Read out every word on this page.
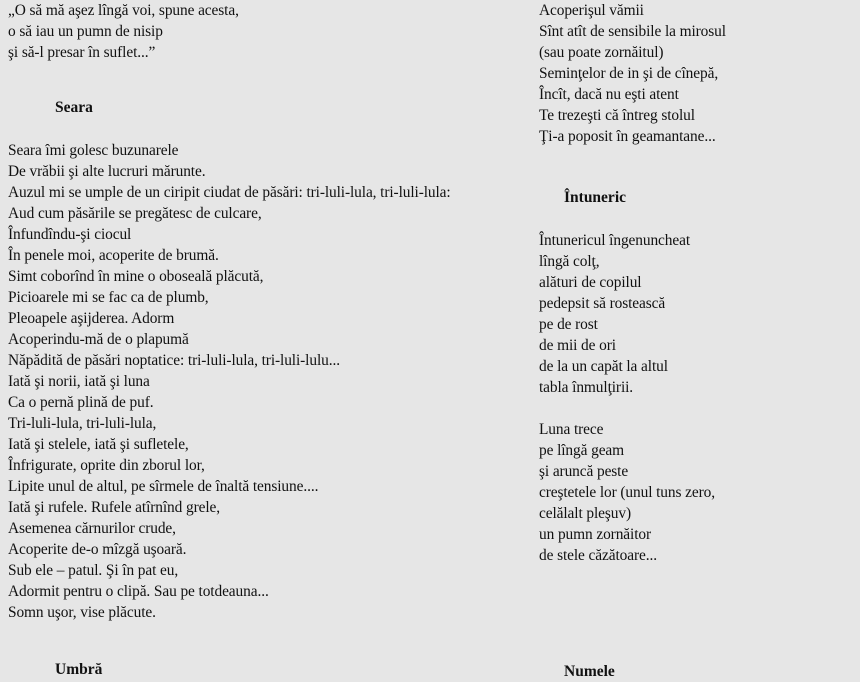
„O să mă aşez lîngă voi, spune acesta,
o să iau un pumn de nisip
şi să-l presar în suflet...”
Seara
Seara îmi golesc buzunarele
De vrăbii şi alte lucruri mărunte.
Auzul mi se umple de un ciripit ciudat de păsări: tri-luli-lula, tri-luli-lula:
Aud cum păsările se pregătesc de culcare,
Înfundîndu-şi ciocul
În penele moi, acoperite de brumă.
Simt coborînd în mine o oboseală plăcută,
Picioarele mi se fac ca de plumb,
Pleoapele aşijderea. Adorm
Acoperindu-mă de o plapumă
Năpădită de păsări noptatice: tri-luli-lula, tri-luli-lulu...
Iată şi norii, iată şi luna
Ca o pernă plină de puf.
Tri-luli-lula, tri-luli-lula,
Iată şi stelele, iată şi sufletele,
Înfrigurate, oprite din zborul lor,
Lipite unul de altul, pe sîrmele de înaltă tensiune....
Iată şi rufele. Rufele atîrnînd grele,
Asemenea cărnurilor crude,
Acoperite de-o mîzgă uşoară.
Sub ele – patul. Şi în pat eu,
Adormit pentru o clipă. Sau pe totdeauna...
Somn uşor, vise plăcute.
Umbră
Acoperişul vămii
Sînt atît de sensibile la mirosul
(sau poate zornăitul)
Seminţelor de in şi de cînepă,
Încît, dacă nu eşti atent
Te trezeşti că întreg stolul
Ţi-a poposit în geamantane...
Întuneric
Întunericul îngenuncheat
lîngă colţ,
alături de copilul
pedepsit să rostească
pe de rost
de mii de ori
de la un capăt la altul
tabla înmulţirii.
Luna trece
pe lîngă geam
şi aruncă peste
creştetele lor (unul tuns zero,
celălalt pleşuv)
un pumn zornăitor
de stele căzătoare...
Numele
